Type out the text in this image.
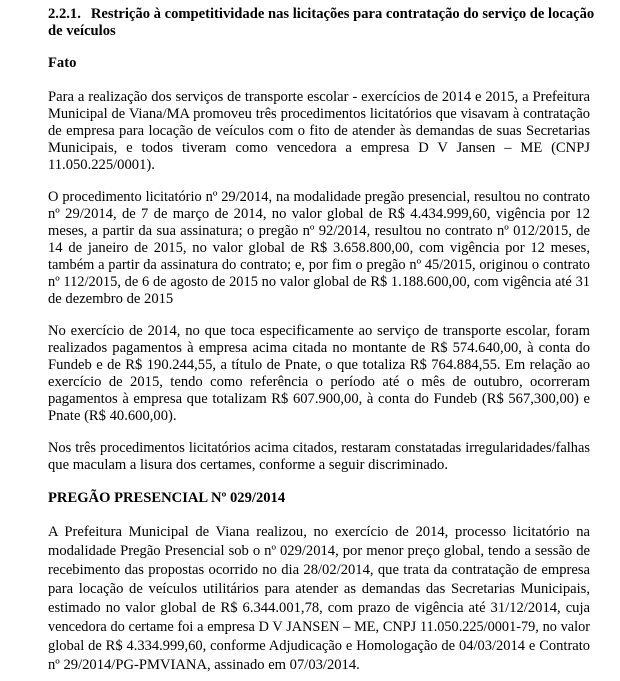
2.2.1. Restrição à competitividade nas licitações para contratação do serviço de locação
de veículos
Fato
Para a realização dos serviços de transporte escolar - exercícios de 2014 e 2015, a Prefeitura
Municipal de Viana/MA promoveu três procedimentos licitatórios que visavam à contratação
de empresa para locação de veículos com o fito de atender às demandas de suas Secretarias
Municipais, e todos tiveram como vencedora a empresa D V Jansen – ME (CNPJ
11.050.225/0001).
O procedimento licitatório nº 29/2014, na modalidade pregão presencial, resultou no contrato
nº 29/2014, de 7 de março de 2014, no valor global de R$ 4.434.999,60, vigência por 12
meses, a partir da sua assinatura; o pregão nº 92/2014, resultou no contrato nº 012/2015, de
14 de janeiro de 2015, no valor global de R$ 3.658.800,00, com vigência por 12 meses,
também a partir da assinatura do contrato; e, por fim o pregão nº 45/2015, originou o contrato
nº 112/2015, de 6 de agosto de 2015 no valor global de R$ 1.188.600,00, com vigência até 31
de dezembro de 2015
No exercício de 2014, no que toca especificamente ao serviço de transporte escolar, foram
realizados pagamentos à empresa acima citada no montante de R$ 574.640,00, à conta do
Fundeb e de R$ 190.244,55, a título de Pnate, o que totaliza R$ 764.884,55. Em relação ao
exercício de 2015, tendo como referência o período até o mês de outubro, ocorreram
pagamentos à empresa que totalizam R$ 607.900,00, à conta do Fundeb (R$ 567,300,00) e
Pnate (R$ 40.600,00).
Nos três procedimentos licitatórios acima citados, restaram constatadas irregularidades/falhas
que maculam a lisura dos certames, conforme a seguir discriminado.
PREGÃO PRESENCIAL Nº 029/2014
A Prefeitura Municipal de Viana realizou, no exercício de 2014, processo licitatório na
modalidade Pregão Presencial sob o nº 029/2014, por menor preço global, tendo a sessão de
recebimento das propostas ocorrido no dia 28/02/2014, que trata da contratação de empresa
para locação de veículos utilitários para atender as demandas das Secretarias Municipais,
estimado no valor global de R$ 6.344.001,78, com prazo de vigência até 31/12/2014, cuja
vencedora do certame foi a empresa D V JANSEN – ME, CNPJ 11.050.225/0001-79, no valor
global de R$ 4.334.999,60, conforme Adjudicação e Homologação de 04/03/2014 e Contrato
nº 29/2014/PG-PMVIANA, assinado em 07/03/2014.
